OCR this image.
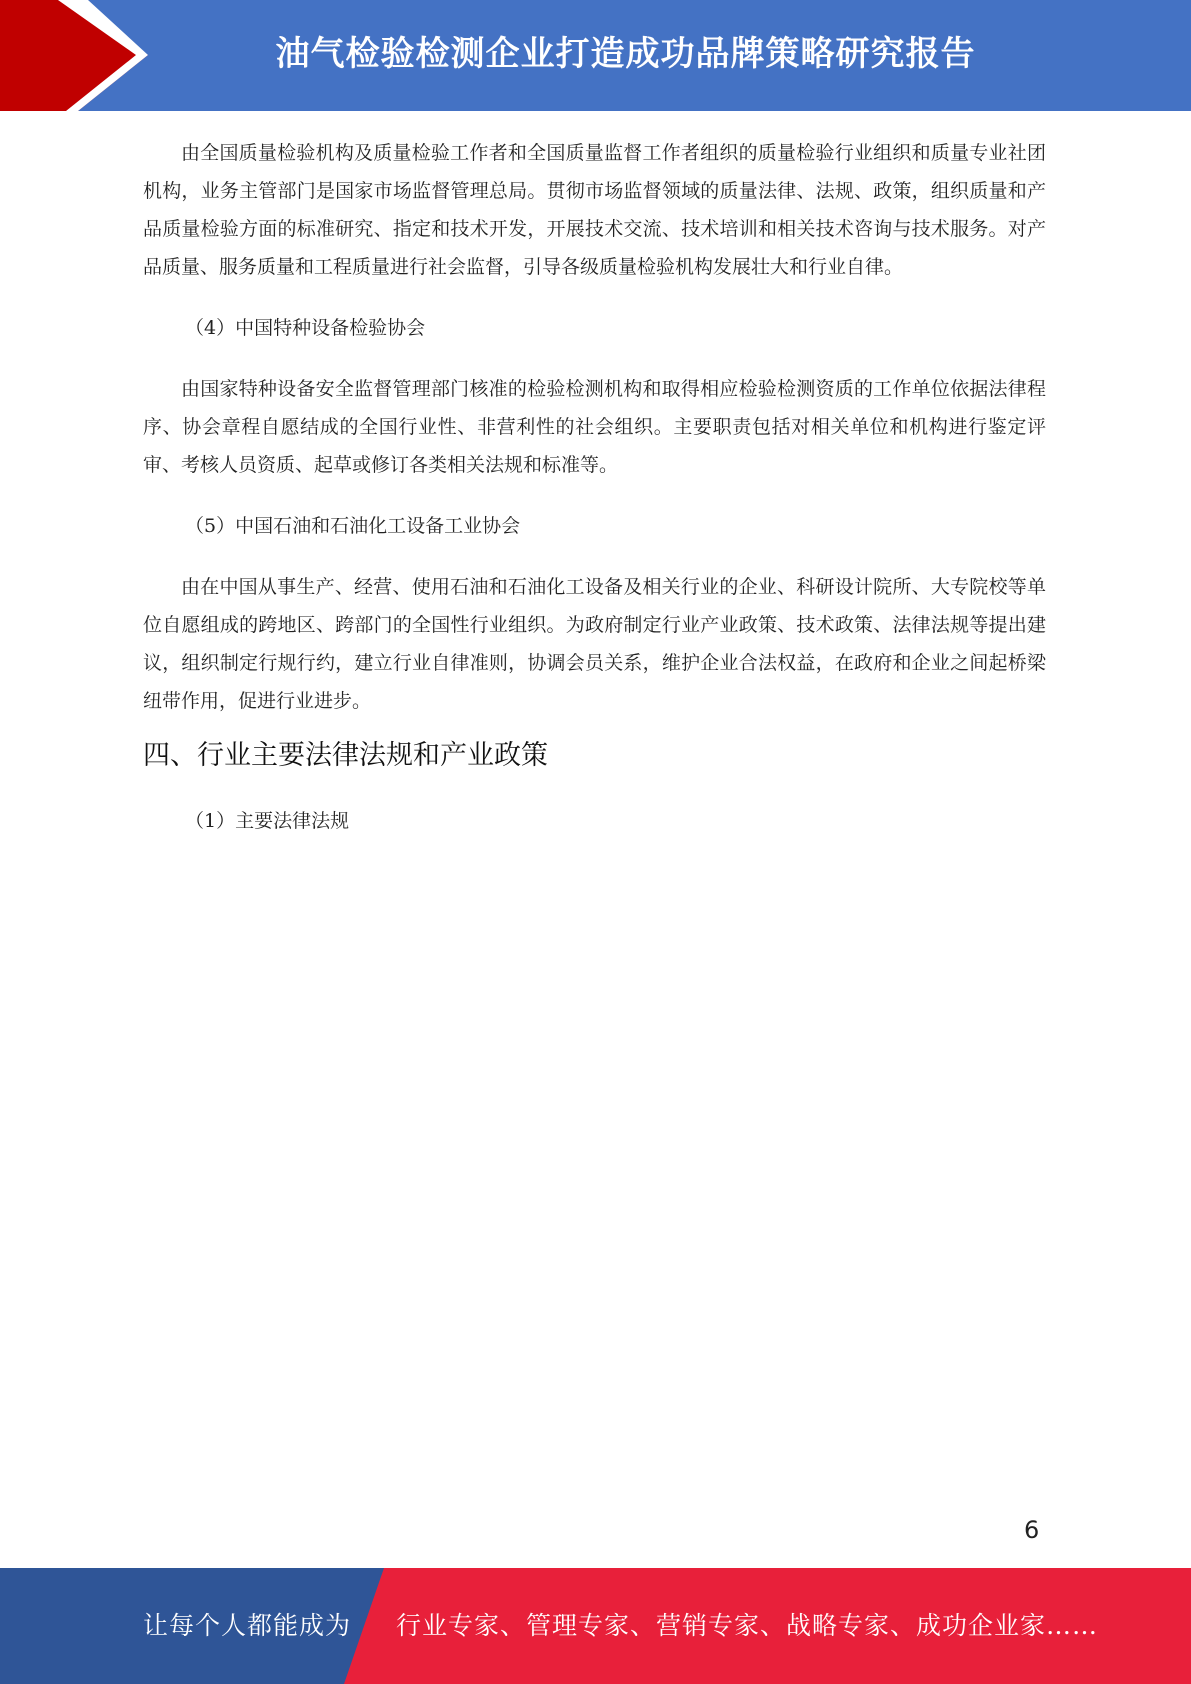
油气检验检测企业打造成功品牌策略研究报告

由全国质量检验机构及质量检验工作者和全国质量监督工作者组织的质量检验行业组织和质量专业社团机构，业务主管部门是国家市场监督管理总局。贯彻市场监督领域的质量法律、法规、政策，组织质量和产品质量检验方面的标准研究、指定和技术开发，开展技术交流、技术培训和相关技术咨询与技术服务。对产品质量、服务质量和工程质量进行社会监督，引导各级质量检验机构发展壮大和行业自律。

（4）中国特种设备检验协会

由国家特种设备安全监督管理部门核准的检验检测机构和取得相应检验检测资质的工作单位依据法律程序、协会章程自愿结成的全国行业性、非营利性的社会组织。主要职责包括对相关单位和机构进行鉴定评审、考核人员资质、起草或修订各类相关法规和标准等。

（5）中国石油和石油化工设备工业协会

由在中国从事生产、经营、使用石油和石油化工设备及相关行业的企业、科研设计院所、大专院校等单位自愿组成的跨地区、跨部门的全国性行业组织。为政府制定行业产业政策、技术政策、法律法规等提出建议，组织制定行规行约，建立行业自律准则，协调会员关系，维护企业合法权益，在政府和企业之间起桥梁纽带作用，促进行业进步。

四、行业主要法律法规和产业政策

（1）主要法律法规

6
让每个人都能成为 行业专家、管理专家、营销专家、战略专家、成功企业家……
